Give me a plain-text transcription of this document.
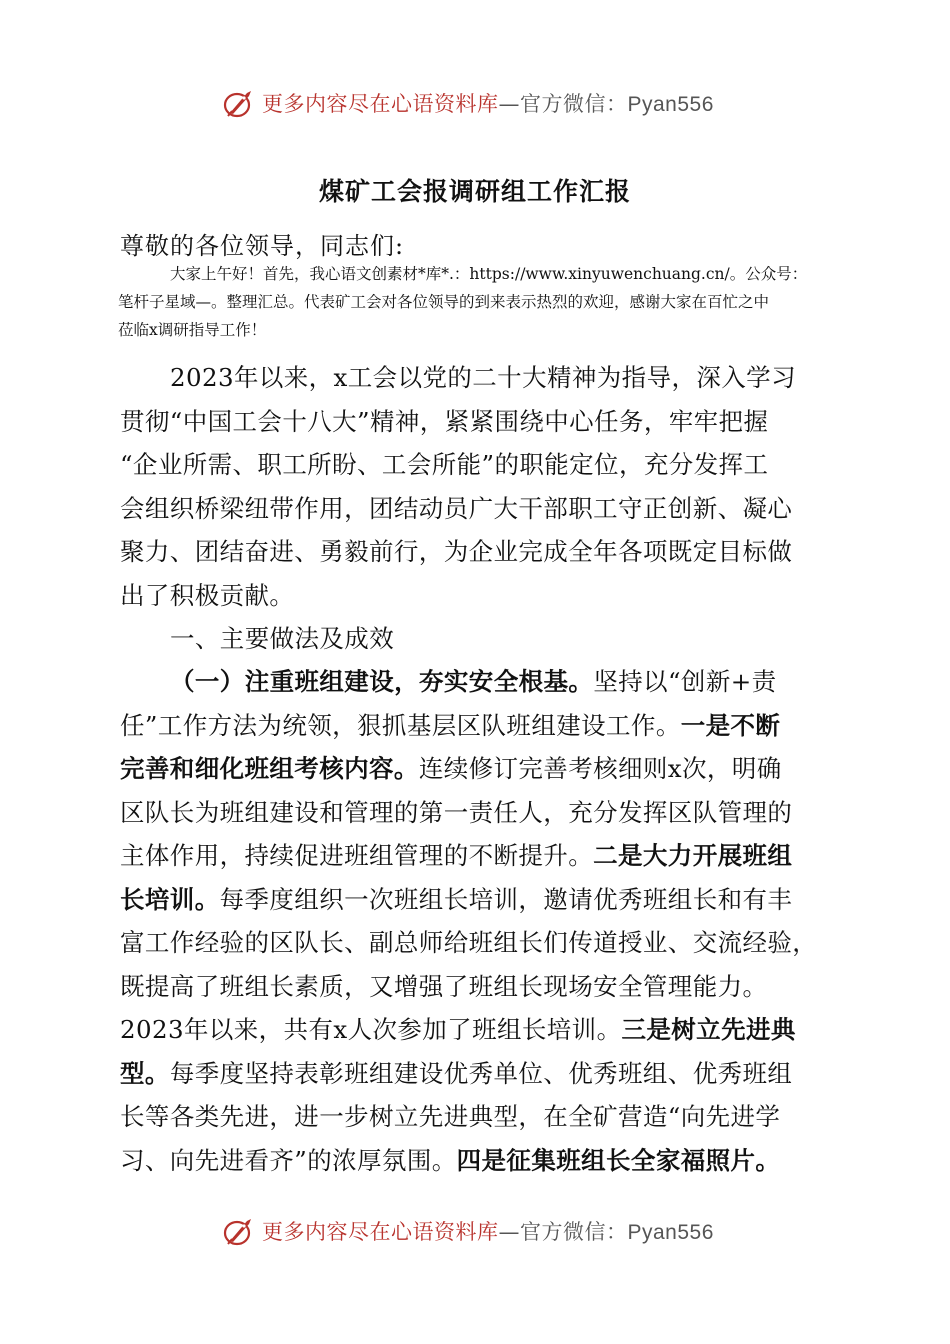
更多内容尽在心语资料库—官方微信：Pyan556
煤矿工会报调研组工作汇报
尊敬的各位领导，同志们:

大家上午好！首先，我心语文创素材*库*.：https://www.xinyuwenchuang.cn/。公众号：

笔杆子星域—。整理汇总。代表矿工会对各位领导的到来表示热烈的欢迎，感谢大家在百忙之中

莅临x调研指导工作！

2023年以来，x工会以党的二十大精神为指导，深入学习

贯彻“中国工会十八大”精神，紧紧围绕中心任务，牢牢把握

“企业所需、职工所盼、工会所能”的职能定位，充分发挥工

会组织桥梁纽带作用，团结动员广大干部职工守正创新、凝心

聚力、团结奋进、勇毅前行，为企业完成全年各项既定目标做

出了积极贡献。

一、主要做法及成效

（一）注重班组建设，夯实安全根基。坚持以“创新+责

任”工作方法为统领，狠抓基层区队班组建设工作。一是不断

完善和细化班组考核内容。连续修订完善考核细则x次，明确

区队长为班组建设和管理的第一责任人，充分发挥区队管理的

主体作用，持续促进班组管理的不断提升。二是大力开展班组

长培训。每季度组织一次班组长培训，邀请优秀班组长和有丰

富工作经验的区队长、副总师给班组长们传道授业、交流经验，

既提高了班组长素质，又增强了班组长现场安全管理能力。

2023年以来，共有x人次参加了班组长培训。三是树立先进典

型。每季度坚持表彰班组建设优秀单位、优秀班组、优秀班组

长等各类先进，进一步树立先进典型，在全矿营造“向先进学

习、向先进看齐”的浓厚氛围。四是征集班组长全家福照片。

更多内容尽在心语资料库—官方微信：Pyan556
